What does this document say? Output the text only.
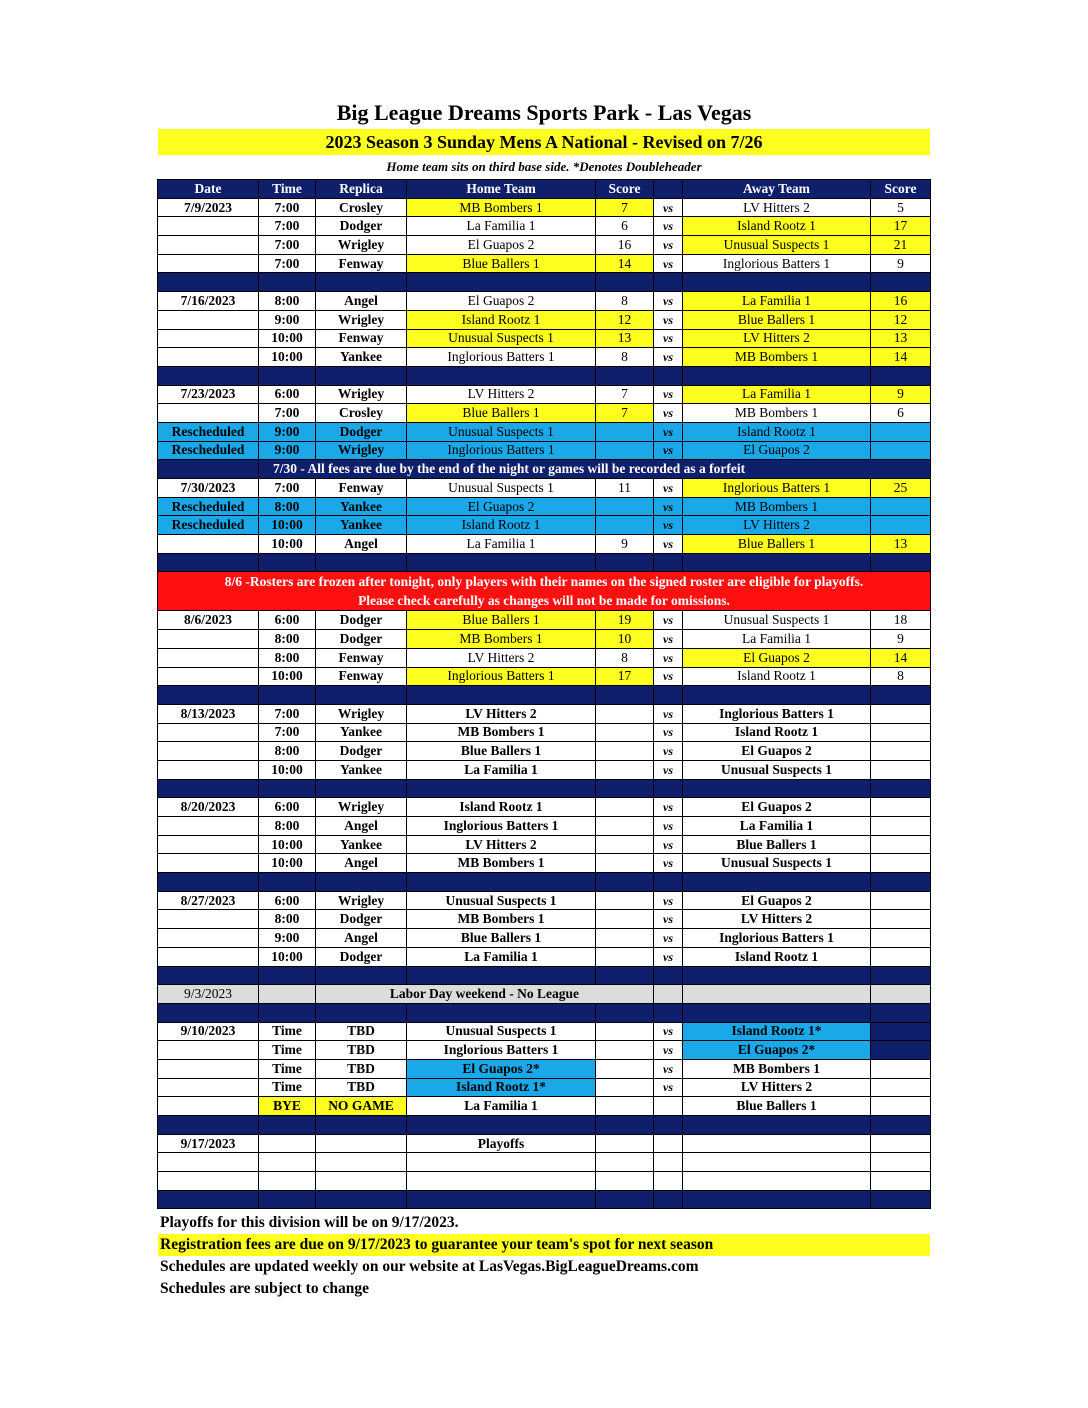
Big League Dreams Sports Park - Las Vegas
2023 Season 3 Sunday Mens A National - Revised on 7/26
Home team sits on third base side. *Denotes Doubleheader
Date	Time	Replica	Home Team	Score		Away Team	Score
7/9/2023	7:00	Crosley	MB Bombers 1	7	vs	LV Hitters 2	5
	7:00	Dodger	La Familia 1	6	vs	Island Rootz 1	17
	7:00	Wrigley	El Guapos 2	16	vs	Unusual Suspects 1	21
	7:00	Fenway	Blue Ballers 1	14	vs	Inglorious Batters 1	9

7/16/2023	8:00	Angel	El Guapos 2	8	vs	La Familia 1	16
	9:00	Wrigley	Island Rootz 1	12	vs	Blue Ballers 1	12
	10:00	Fenway	Unusual Suspects 1	13	vs	LV Hitters 2	13
	10:00	Yankee	Inglorious Batters 1	8	vs	MB Bombers 1	14

7/23/2023	6:00	Wrigley	LV Hitters 2	7	vs	La Familia 1	9
	7:00	Crosley	Blue Ballers 1	7	vs	MB Bombers 1	6
Rescheduled	9:00	Dodger	Unusual Suspects 1		vs	Island Rootz 1	
Rescheduled	9:00	Wrigley	Inglorious Batters 1		vs	El Guapos 2	
	7/30 - All fees are due by the end of the night or games will be recorded as a forfeit						
7/30/2023	7:00	Fenway	Unusual Suspects 1	11	vs	Inglorious Batters 1	25
Rescheduled	8:00	Yankee	El Guapos 2		vs	MB Bombers 1	
Rescheduled	10:00	Yankee	Island Rootz 1		vs	LV Hitters 2	
	10:00	Angel	La Familia 1	9	vs	Blue Ballers 1	13

8/6 -Rosters are frozen after tonight, only players with their names on the signed roster are eligible for playoffs.
Please check carefully as changes will not be made for omissions.							

8/6/2023	6:00	Dodger	Blue Ballers 1	19	vs	Unusual Suspects 1	18
	8:00	Dodger	MB Bombers 1	10	vs	La Familia 1	9
	8:00	Fenway	LV Hitters 2	8	vs	El Guapos 2	14
	10:00	Fenway	Inglorious Batters 1	17	vs	Island Rootz 1	8

8/13/2023	7:00	Wrigley	LV Hitters 2		vs	Inglorious Batters 1	
	7:00	Yankee	MB Bombers 1		vs	Island Rootz 1	
	8:00	Dodger	Blue Ballers 1		vs	El Guapos 2	
	10:00	Yankee	La Familia 1		vs	Unusual Suspects 1	

8/20/2023	6:00	Wrigley	Island Rootz 1		vs	El Guapos 2	
	8:00	Angel	Inglorious Batters 1		vs	La Familia 1	
	10:00	Yankee	LV Hitters 2		vs	Blue Ballers 1	
	10:00	Angel	MB Bombers 1		vs	Unusual Suspects 1	

8/27/2023	6:00	Wrigley	Unusual Suspects 1		vs	El Guapos 2	
	8:00	Dodger	MB Bombers 1		vs	LV Hitters 2	
	9:00	Angel	Blue Ballers 1		vs	Inglorious Batters 1	
	10:00	Dodger	La Familia 1		vs	Island Rootz 1	

9/3/2023		Labor Day weekend - No League					

9/10/2023	Time	TBD	Unusual Suspects 1		vs	Island Rootz 1*	
	Time	TBD	Inglorious Batters 1		vs	El Guapos 2*	
	Time	TBD	El Guapos 2*		vs	MB Bombers 1	
	Time	TBD	Island Rootz 1*		vs	LV Hitters 2	
	BYE	NO GAME	La Familia 1			Blue Ballers 1	

9/17/2023			Playoffs				

Playoffs for this division will be on 9/17/2023.
Registration fees are due on 9/17/2023 to guarantee your team's spot for next season
Schedules are updated weekly on our website at LasVegas.BigLeagueDreams.com
Schedules are subject to change
